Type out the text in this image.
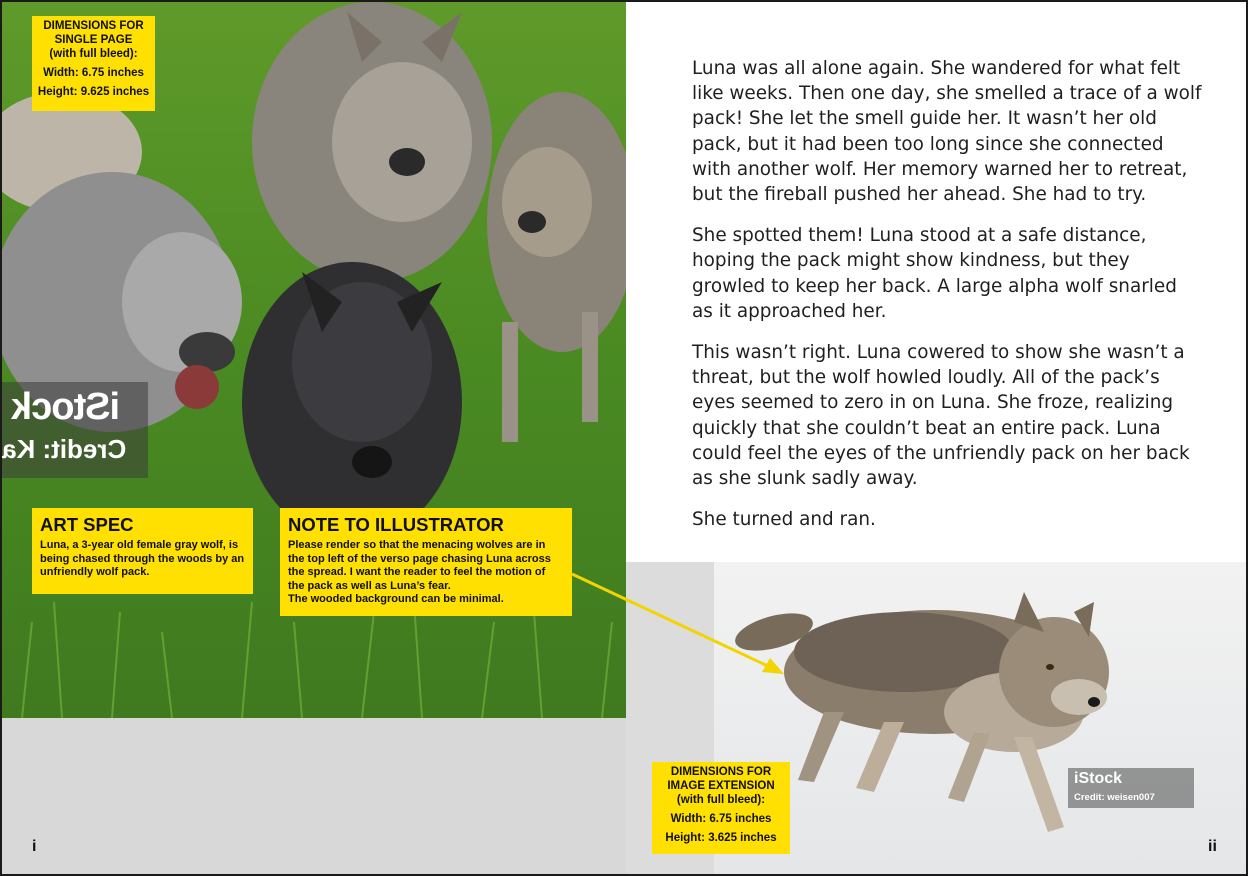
DIMENSIONS FOR SINGLE PAGE
(with full bleed):
Width: 6.75 inches
Height: 9.625 inches
iStock
Credit: Ka
ART SPEC
Luna, a 3-year old female gray wolf, is being chased through the woods by an unfriendly wolf pack.
i
NOTE TO ILLUSTRATOR
Please render so that the menacing wolves are in the top left of the verso page chasing Luna across the spread. I want the reader to feel the motion of the pack as well as Luna’s fear.
The wooded background can be minimal.

Luna was all alone again. She wandered for what felt like weeks. Then one day, she smelled a trace of a wolf pack! She let the smell guide her. It wasn’t her old pack, but it had been too long since she connected with another wolf. Her memory warned her to retreat, but the fireball pushed her ahead. She had to try.

She spotted them! Luna stood at a safe distance, hoping the pack might show kindness, but they growled to keep her back. A large alpha wolf snarled as it approached her.

This wasn’t right. Luna cowered to show she wasn’t a threat, but the wolf howled loudly. All of the pack’s eyes seemed to zero in on Luna. She froze, realizing quickly that she couldn’t beat an entire pack. Luna could feel the eyes of the unfriendly pack on her back as she slunk sadly away.

She turned and ran.

DIMENSIONS FOR
IMAGE EXTENSION
(with full bleed):
Width: 6.75 inches
Height: 3.625 inches
iStock
Credit: weisen007
ii
